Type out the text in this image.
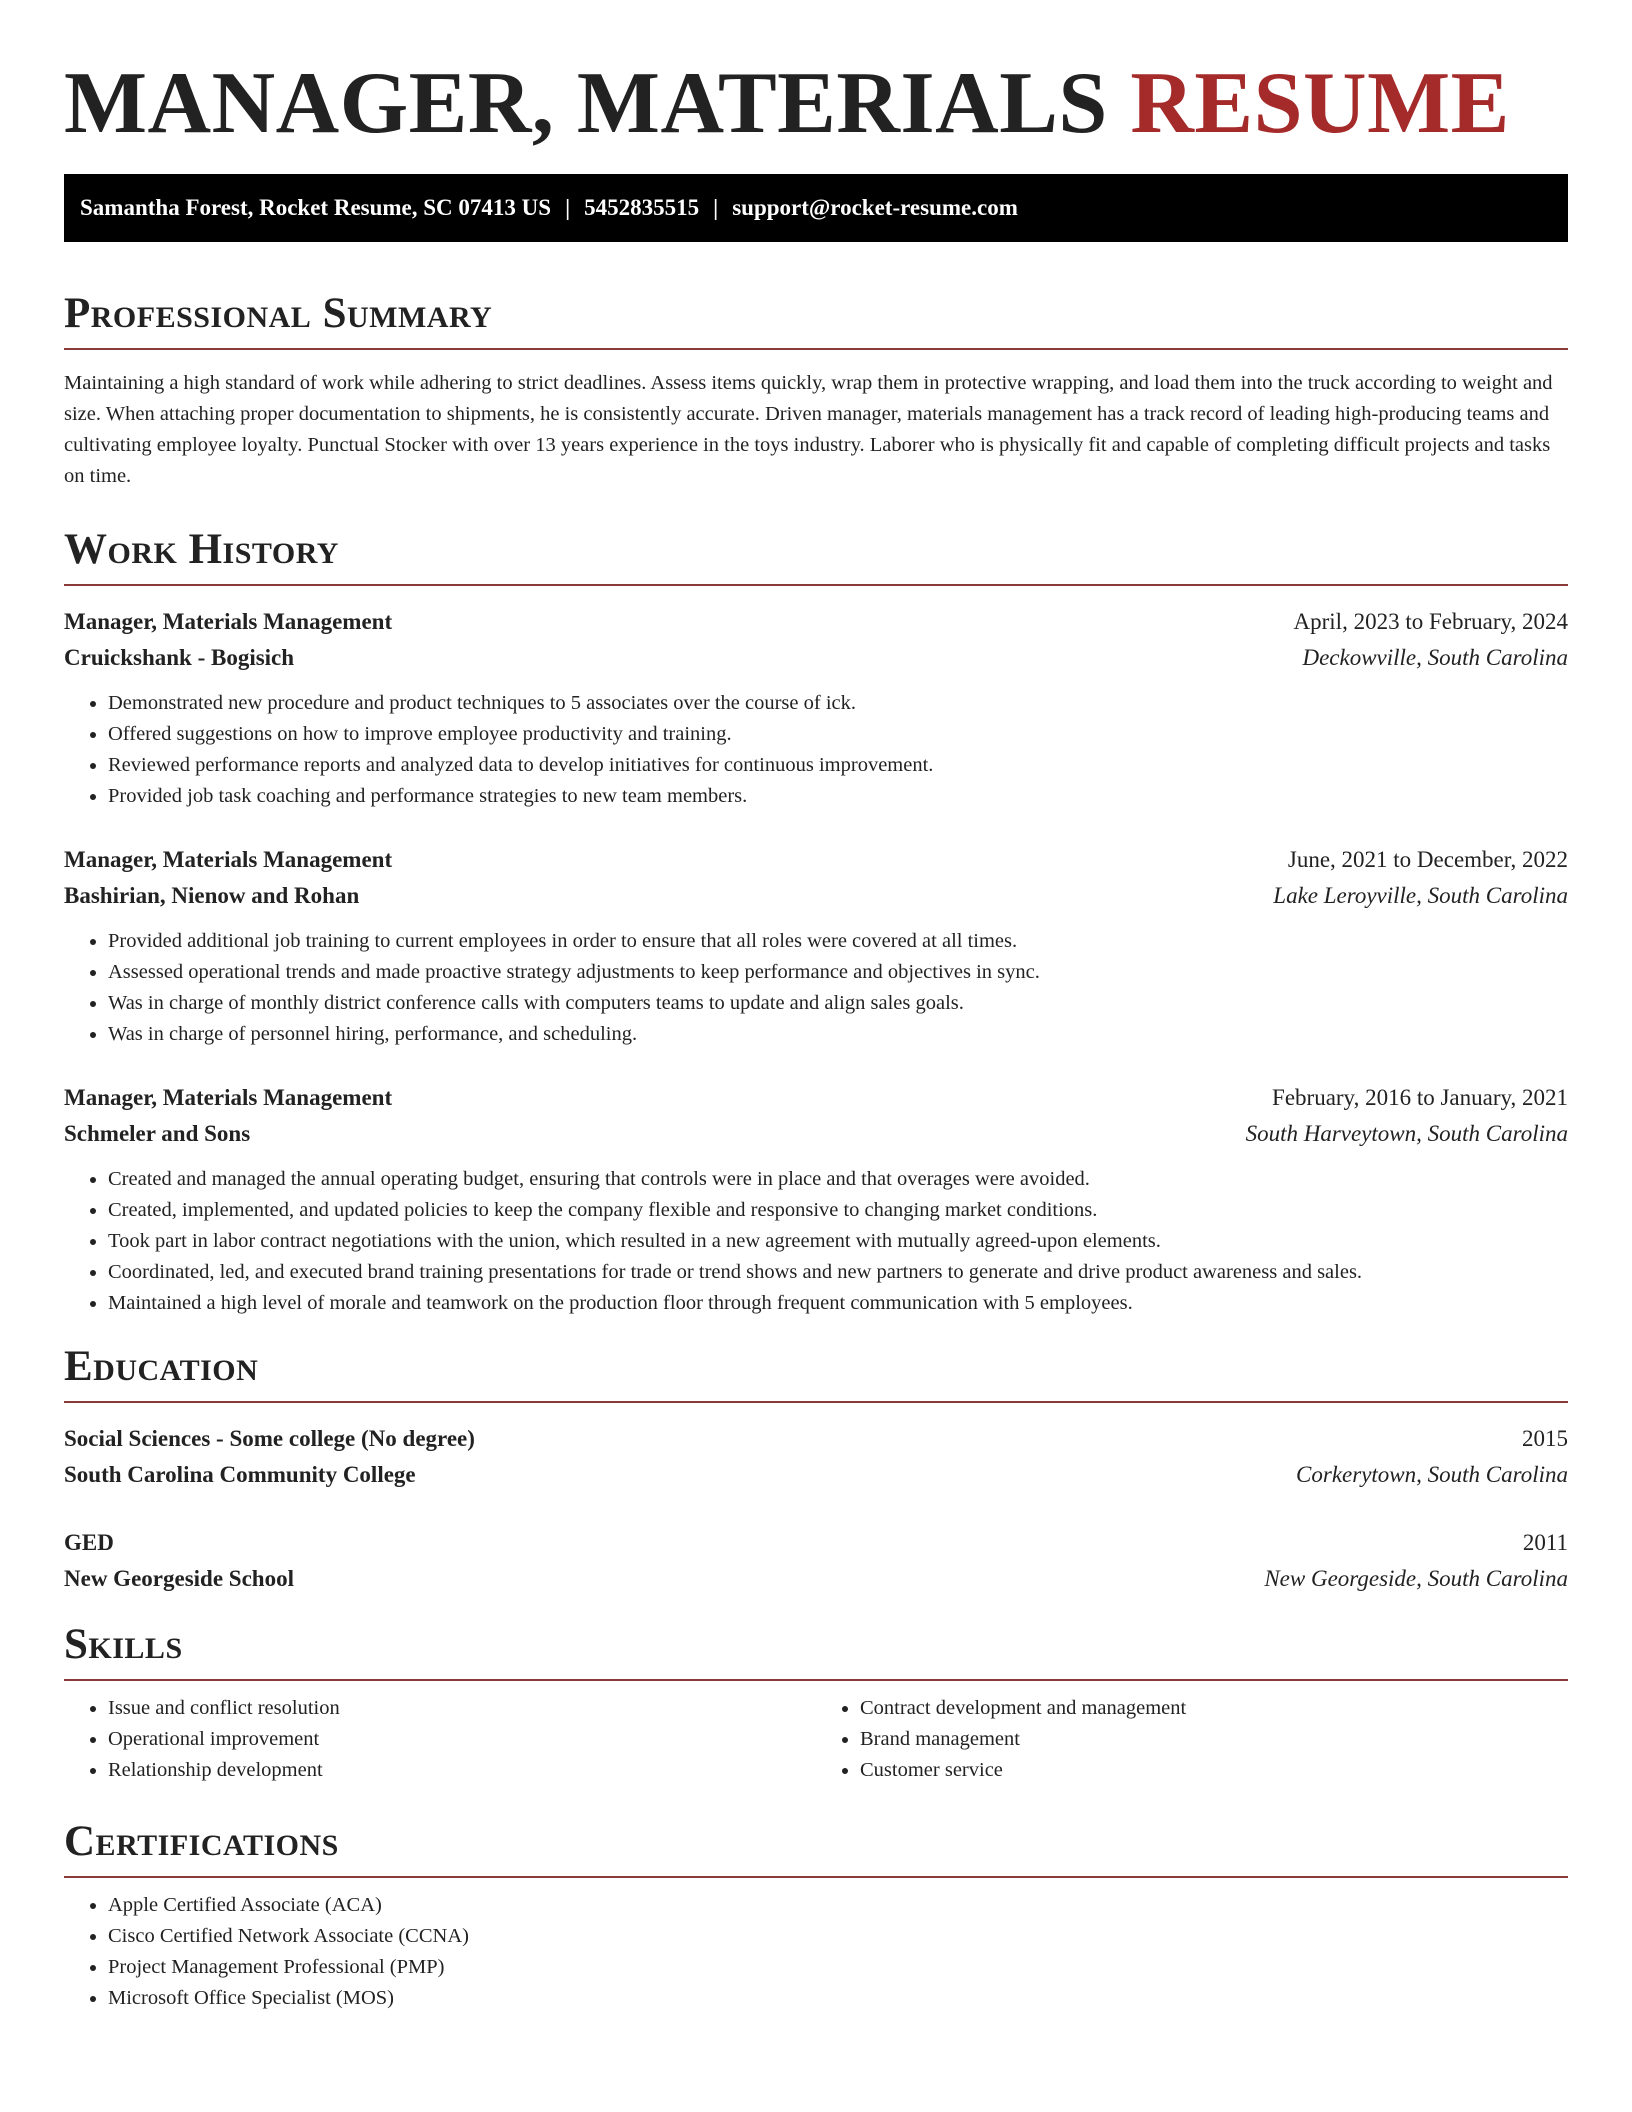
MANAGER, MATERIALS RESUME
Samantha Forest, Rocket Resume, SC 07413 US | 5452835515 | support@rocket-resume.com
Professional Summary

Maintaining a high standard of work while adhering to strict deadlines. Assess items quickly, wrap them in protective wrapping, and load them into the truck according to weight and size. When attaching proper documentation to shipments, he is consistently accurate. Driven manager, materials management has a track record of leading high-producing teams and cultivating employee loyalty. Punctual Stocker with over 13 years experience in the toys industry. Laborer who is physically fit and capable of completing difficult projects and tasks on time.

Work History
Manager, Materials Management	April, 2023 to February, 2024
Cruickshank - Bogisich	Deckowville, South Carolina
• Demonstrated new procedure and product techniques to 5 associates over the course of ick.
• Offered suggestions on how to improve employee productivity and training.
• Reviewed performance reports and analyzed data to develop initiatives for continuous improvement.
• Provided job task coaching and performance strategies to new team members.
Manager, Materials Management	June, 2021 to December, 2022
Bashirian, Nienow and Rohan	Lake Leroyville, South Carolina
• Provided additional job training to current employees in order to ensure that all roles were covered at all times.
• Assessed operational trends and made proactive strategy adjustments to keep performance and objectives in sync.
• Was in charge of monthly district conference calls with computers teams to update and align sales goals.
• Was in charge of personnel hiring, performance, and scheduling.
Manager, Materials Management	February, 2016 to January, 2021
Schmeler and Sons	South Harveytown, South Carolina
• Created and managed the annual operating budget, ensuring that controls were in place and that overages were avoided.
• Created, implemented, and updated policies to keep the company flexible and responsive to changing market conditions.
• Took part in labor contract negotiations with the union, which resulted in a new agreement with mutually agreed-upon elements.
• Coordinated, led, and executed brand training presentations for trade or trend shows and new partners to generate and drive product awareness and sales.
• Maintained a high level of morale and teamwork on the production floor through frequent communication with 5 employees.
Education
Social Sciences - Some college (No degree)	2015
South Carolina Community College	Corkerytown, South Carolina
GED	2011
New Georgeside School	New Georgeside, South Carolina
Skills
• Issue and conflict resolution
• Operational improvement
• Relationship development
• Contract development and management
• Brand management
• Customer service
Certifications
• Apple Certified Associate (ACA)
• Cisco Certified Network Associate (CCNA)
• Project Management Professional (PMP)
• Microsoft Office Specialist (MOS)
